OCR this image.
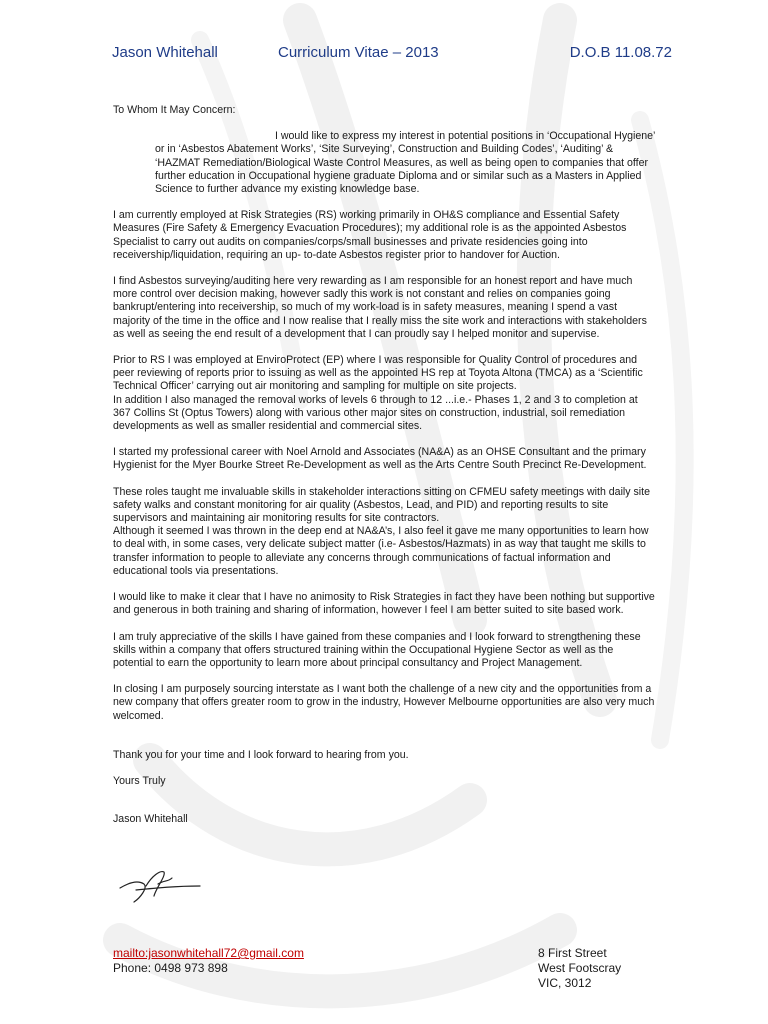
Jason Whitehall	Curriculum Vitae – 2013	D.O.B 11.08.72

To Whom It May Concern:

I would like to express my interest in potential positions in ‘Occupational Hygiene’ or in ‘Asbestos Abatement Works’, ‘Site Surveying’, Construction and Building Codes’, ‘Auditing’ & ‘HAZMAT Remediation/Biological Waste Control Measures, as well as being open to companies that offer further education in Occupational hygiene graduate Diploma and or similar such as a Masters in Applied Science to further advance my existing knowledge base.

I am currently employed at Risk Strategies (RS) working primarily in OH&S compliance and Essential Safety Measures (Fire Safety & Emergency Evacuation Procedures); my additional role is as the appointed Asbestos Specialist to carry out audits on companies/corps/small businesses and private residencies going into receivership/liquidation, requiring an up- to-date Asbestos register prior to handover for Auction.

I find Asbestos surveying/auditing here very rewarding as I am responsible for an honest report and have much more control over decision making, however sadly this work is not constant and relies on companies going bankrupt/entering into receivership, so much of my work-load is in safety measures, meaning I spend a vast majority of the time in the office and I now realise that I really miss the site work and interactions with stakeholders as well as seeing the end result of a development that I can proudly say I helped monitor and supervise.

Prior to RS I was employed at EnviroProtect (EP) where I was responsible for Quality Control of procedures and peer reviewing of reports prior to issuing as well as the appointed HS rep at Toyota Altona (TMCA) as a ‘Scientific Technical Officer’ carrying out air monitoring and sampling for multiple on site projects.

In addition I also managed the removal works of levels 6 through to 12 ...i.e.- Phases 1, 2 and 3 to completion at 367 Collins St (Optus Towers) along with various other major sites on construction, industrial, soil remediation developments as well as smaller residential and commercial sites.

I started my professional career with Noel Arnold and Associates (NA&A) as an OHSE Consultant and the primary Hygienist for the Myer Bourke Street Re-Development as well as the Arts Centre South Precinct Re-Development.

These roles taught me invaluable skills in stakeholder interactions sitting on CFMEU safety meetings with daily site safety walks and constant monitoring for air quality (Asbestos, Lead, and PID) and reporting results to site supervisors and maintaining air monitoring results for site contractors.

Although it seemed I was thrown in the deep end at NA&A’s, I also feel it gave me many opportunities to learn how to deal with, in some cases, very delicate subject matter (i.e- Asbestos/Hazmats) in as way that taught me skills to transfer information to people to alleviate any concerns through communications of factual information and educational tools via presentations.

I would like to make it clear that I have no animosity to Risk Strategies in fact they have been nothing but supportive and generous in both training and sharing of information, however I feel I am better suited to site based work.

I am truly appreciative of the skills I have gained from these companies and I look forward to strengthening these skills within a company that offers structured training within the Occupational Hygiene Sector as well as the potential to earn the opportunity to learn more about principal consultancy and Project Management.

In closing I am purposely sourcing interstate as I want both the challenge of a new city and the opportunities from a new company that offers greater room to grow in the industry, However Melbourne opportunities are also very much welcomed.

Thank you for your time and I look forward to hearing from you.

Yours Truly

Jason Whitehall

mailto:jasonwhitehall72@gmail.com
Phone: 0498 973 898
8 First Street
West Footscray
VIC, 3012
